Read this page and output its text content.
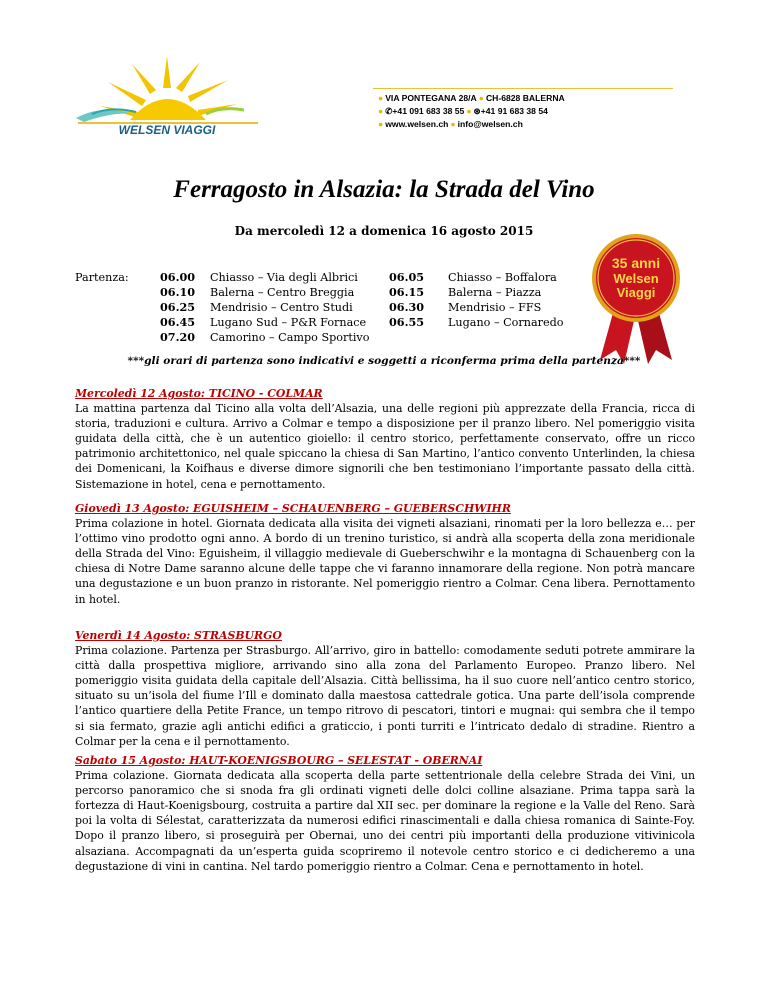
WELSEN VIAGGI
● VIA PONTEGANA 28/A ● CH-6828 BALERNA
● ✆+41 091 683 38 55 ● ⊛+41 91 683 38 54
● www.welsen.ch ● info@welsen.ch
Ferragosto in Alsazia: la Strada del Vino
Da mercoledì 12 a domenica 16 agosto 2015
35 anni
Welsen
Viaggi
Partenza:	06.00
06.10
06.25
06.45
07.20
Chiasso – Via degli Albrici
Balerna – Centro Breggia
Mendrisio – Centro Studi
Lugano Sud – P&R Fornace
Camorino – Campo Sportivo
06.05
06.15
06.30
06.55
Chiasso – Boffalora
Balerna – Piazza
Mendrisio – FFS
Lugano – Cornaredo
***gli orari di partenza sono indicativi e soggetti a riconferma prima della partenza***
Mercoledì 12 Agosto: TICINO - COLMAR

La mattina partenza dal Ticino alla volta dell’Alsazia, una delle regioni più apprezzate della Francia, ricca di storia, traduzioni e cultura. Arrivo a Colmar e tempo a disposizione per il pranzo libero. Nel pomeriggio visita guidata della città, che è un autentico gioiello: il centro storico, perfettamente conservato, offre un ricco patrimonio architettonico, nel quale spiccano la chiesa di San Martino, l’antico convento Unterlinden, la chiesa dei Domenicani, la Koifhaus e diverse dimore signorili che ben testimoniano l’importante passato della città. Sistemazione in hotel, cena e pernottamento.

Giovedì 13 Agosto: EGUISHEIM – SCHAUENBERG – GUEBERSCHWIHR

Prima colazione in hotel. Giornata dedicata alla visita dei vigneti alsaziani, rinomati per la loro bellezza e… per l’ottimo vino prodotto ogni anno. A bordo di un trenino turistico, si andrà alla scoperta della zona meridionale della Strada del Vino: Eguisheim, il villaggio medievale di Gueberschwihr e la montagna di Schauenberg con la chiesa di Notre Dame saranno alcune delle tappe che vi faranno innamorare della regione. Non potrà mancare una degustazione e un buon pranzo in ristorante. Nel pomeriggio rientro a Colmar. Cena libera. Pernottamento in hotel.

Venerdì 14 Agosto: STRASBURGO

Prima colazione. Partenza per Strasburgo. All’arrivo, giro in battello: comodamente seduti potrete ammirare la città dalla prospettiva migliore, arrivando sino alla zona del Parlamento Europeo. Pranzo libero. Nel pomeriggio visita guidata della capitale dell’Alsazia. Città bellissima, ha il suo cuore nell’antico centro storico, situato su un’isola del fiume l’Ill e dominato dalla maestosa cattedrale gotica. Una parte dell’isola comprende l’antico quartiere della Petite France, un tempo ritrovo di pescatori, tintori e mugnai: qui sembra che il tempo si sia fermato, grazie agli antichi edifici a graticcio, i ponti turriti e l’intricato dedalo di stradine. Rientro a Colmar per la cena e il pernottamento.

Sabato 15 Agosto: HAUT-KOENIGSBOURG – SELESTAT - OBERNAI

Prima colazione. Giornata dedicata alla scoperta della parte settentrionale della celebre Strada dei Vini, un percorso panoramico che si snoda fra gli ordinati vigneti delle dolci colline alsaziane. Prima tappa sarà la fortezza di Haut-Koenigsbourg, costruita a partire dal XII sec. per dominare la regione e la Valle del Reno. Sarà poi la volta di Sélestat, caratterizzata da numerosi edifici rinascimentali e dalla chiesa romanica di Sainte-Foy. Dopo il pranzo libero, si proseguirà per Obernai, uno dei centri più importanti della produzione vitivinicola alsaziana. Accompagnati da un’esperta guida scopriremo il notevole centro storico e ci dedicheremo a una degustazione di vini in cantina. Nel tardo pomeriggio rientro a Colmar. Cena e pernottamento in hotel.
